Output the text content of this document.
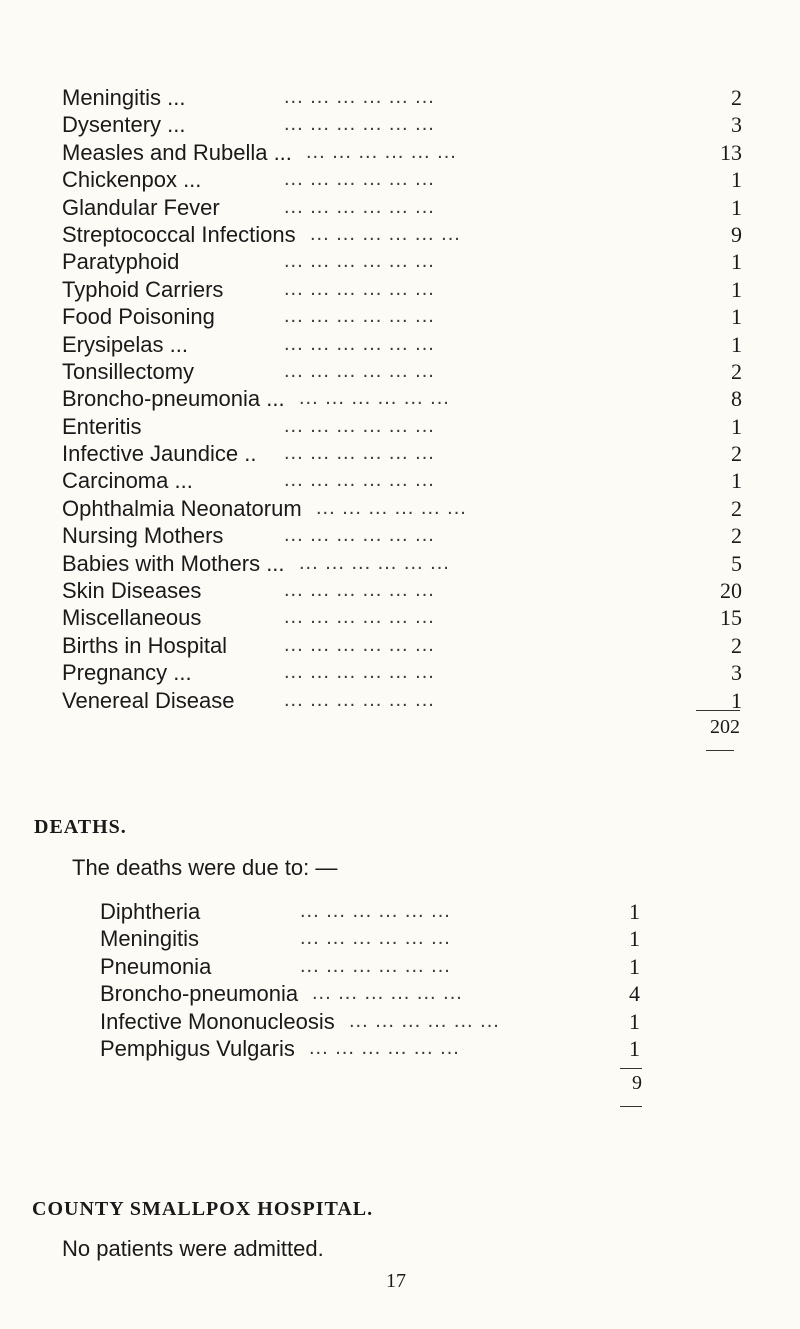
Meningitis ...	... ... ... ... ... ...	2
Dysentery ...	... ... ... ... ... ...	3
Measles and Rubella ... ... ... ... ... ... ...	13
Chickenpox ...	... ... ... ... ... ...	1
Glandular Fever	... ... ... ... ... ...	1
Streptococcal Infections ... ... ... ... ... ...	9
Paratyphoid	... ... ... ... ... ...	1
Typhoid Carriers	... ... ... ... ... ...	1
Food Poisoning	... ... ... ... ... ...	1
Erysipelas ...	... ... ... ... ... ...	1
Tonsillectomy	... ... ... ... ... ...	2
Broncho-pneumonia ... ... ... ... ... ... ...	8
Enteritis	... ... ... ... ... ...	1
Infective Jaundice .. ... ... ... ... ... ...	2
Carcinoma ...	... ... ... ... ... ...	1
Ophthalmia Neonatorum ... ... ... ... ... ...	2
Nursing Mothers	... ... ... ... ... ...	2
Babies with Mothers ... ... ... ... ... ... ...	5
Skin Diseases	... ... ... ... ... ...	20
Miscellaneous	... ... ... ... ... ...	15
Births in Hospital	... ... ... ... ... ...	2
Pregnancy ...	... ... ... ... ... ...	3
Venereal Disease ... ... ... ... ... ...	1
202
DEATHS.
The deaths were due to: —
Diphtheria	... ... ... ... ... ...	1
Meningitis	... ... ... ... ... ...	1
Pneumonia	... ... ... ... ... ...	1
Broncho-pneumonia ... ... ... ... ... ...	4
Infective Mononucleosis ... ... ... ... ... ...	1
Pemphigus Vulgaris ... ... ... ... ... ...	1
9
COUNTY SMALLPOX HOSPITAL.
No patients were admitted.
17
